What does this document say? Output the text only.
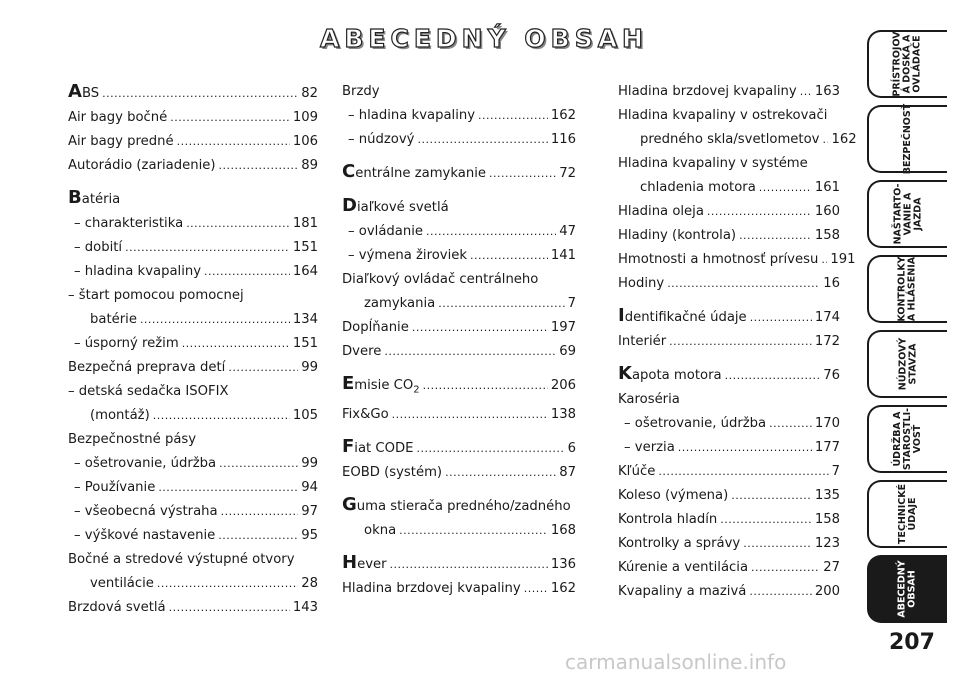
ABECEDNÝ OBSAH
ABS .....	82
Air bagy bočné .....	109
Air bagy predné .....	106
Autorádio (zariadenie) .....	89
Batéria
– charakteristika .....	181
– dobití .....	151
– hladina kvapaliny .....	164
– štart pomocou pomocnej
batérie .....	134
– úsporný režim .....	151
Bezpečná preprava detí .....	99
– detská sedačka ISOFIX
(montáž) .....	105
Bezpečnostné pásy
– ošetrovanie, údržba .....	99
– Používanie .....	94
– všeobecná výstraha .....	97
– výškové nastavenie .....	95
Bočné a stredové výstupné otvory
ventilácie .....	28
Brzdová svetlá .....	143
Brzdy
– hladina kvapaliny .....	162
– núdzový .....	116
Centrálne zamykanie .....	72
Diaľkové svetlá
– ovládanie .....	47
– výmena žiroviek .....	141
Diaľkový ovládač centrálneho
zamykania .....	7
Dopĺňanie .....	197
Dvere .....	69
Emisie $CO_2$ .....	206
Fix&Go .....	138
Fiat CODE .....	6
EOBD (systém) .....	87
Guma stierača predného/zadného
okna .....	168
Hever .....	136
Hladina brzdovej kvapaliny ..... 162
Hladina brzdovej kvapaliny ..... 163
Hladina kvapaliny v ostrekovači
predného skla/svetlometov ..... 162
Hladina kvapaliny v systéme
chladenia motora .....	161
Hladina oleja .....	160
Hladiny (kontrola) .....	158
Hmotnosti a hmotnosť prívesu ..... 191
Hodiny .....	16
Identifikačné údaje .....	174
Interiér .....	172
Kapota motora .....	76
Karoséria
– ošetrovanie, údržba .....	170
– verzia .....	177
Kľúče .....	7
Koleso (výmena) .....	135
Kontrola hladín .....	158
Kontrolky a správy .....	123
Kúrenie a ventilácia .....	27
Kvapaliny a mazivá .....	200
PRÍSTROJOV
Á DOSKA A
OVLÁDAČE
BEZPEČNOSŤ
NAŠTARTO-
VANIE A
JAZDA
KONTROLKY
A HLÁSENIA
NÚDZOVÝ
STAVZA
ÚDRŽBA A
STAROSTLI-
VOSŤ
TECHNICKÉ
ÚDAJE
ABECEDNÝ
OBSAH
207
carmanualsonline.info
